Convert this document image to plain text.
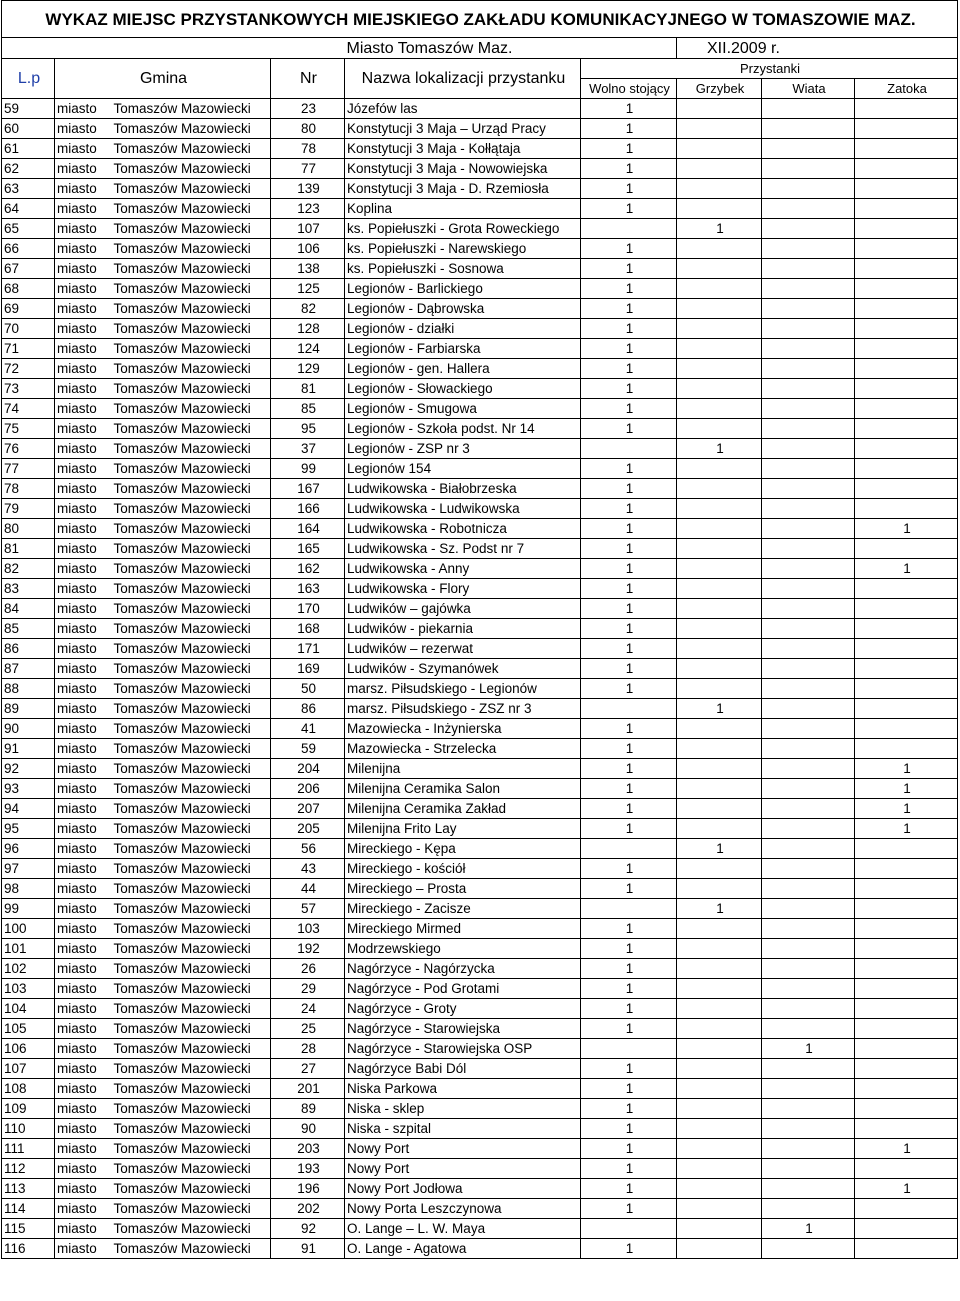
WYKAZ MIEJSC PRZYSTANKOWYCH MIEJSKIEGO ZAKŁADU KOMUNIKACYJNEGO W TOMASZOWIE MAZ.								
				Miasto Tomaszów Maz.		XII.2009 r.		
L.p	Gmina		Nr	Nazwa lokalizacji przystanku	Przystanki			
					Wolno stojący	Grzybek	Wiata	Zatoka
59	miasto	Tomaszów Mazowiecki	23	Józefów las	1			
60	miasto	Tomaszów Mazowiecki	80	Konstytucji 3 Maja – Urząd Pracy	1			
61	miasto	Tomaszów Mazowiecki	78	Konstytucji 3 Maja - Kołłątaja	1			
62	miasto	Tomaszów Mazowiecki	77	Konstytucji 3 Maja - Nowowiejska	1			
63	miasto	Tomaszów Mazowiecki	139	Konstytucji 3 Maja - D. Rzemiosła	1			
64	miasto	Tomaszów Mazowiecki	123	Koplina	1			
65	miasto	Tomaszów Mazowiecki	107	ks. Popiełuszki - Grota Roweckiego		1		
66	miasto	Tomaszów Mazowiecki	106	ks. Popiełuszki - Narewskiego	1			
67	miasto	Tomaszów Mazowiecki	138	ks. Popiełuszki - Sosnowa	1			
68	miasto	Tomaszów Mazowiecki	125	Legionów - Barlickiego	1			
69	miasto	Tomaszów Mazowiecki	82	Legionów - Dąbrowska	1			
70	miasto	Tomaszów Mazowiecki	128	Legionów - działki	1			
71	miasto	Tomaszów Mazowiecki	124	Legionów - Farbiarska	1			
72	miasto	Tomaszów Mazowiecki	129	Legionów - gen. Hallera	1			
73	miasto	Tomaszów Mazowiecki	81	Legionów - Słowackiego	1			
74	miasto	Tomaszów Mazowiecki	85	Legionów - Smugowa	1			
75	miasto	Tomaszów Mazowiecki	95	Legionów - Szkoła podst. Nr 14	1			
76	miasto	Tomaszów Mazowiecki	37	Legionów - ZSP nr 3		1		
77	miasto	Tomaszów Mazowiecki	99	Legionów 154	1			
78	miasto	Tomaszów Mazowiecki	167	Ludwikowska - Białobrzeska	1			
79	miasto	Tomaszów Mazowiecki	166	Ludwikowska - Ludwikowska	1			
80	miasto	Tomaszów Mazowiecki	164	Ludwikowska - Robotnicza	1			1
81	miasto	Tomaszów Mazowiecki	165	Ludwikowska - Sz. Podst nr 7	1			
82	miasto	Tomaszów Mazowiecki	162	Ludwikowska - Anny	1			1
83	miasto	Tomaszów Mazowiecki	163	Ludwikowska - Flory	1			
84	miasto	Tomaszów Mazowiecki	170	Ludwików – gajówka	1			
85	miasto	Tomaszów Mazowiecki	168	Ludwików - piekarnia	1			
86	miasto	Tomaszów Mazowiecki	171	Ludwików – rezerwat	1			
87	miasto	Tomaszów Mazowiecki	169	Ludwików - Szymanówek	1			
88	miasto	Tomaszów Mazowiecki	50	marsz. Piłsudskiego - Legionów	1			
89	miasto	Tomaszów Mazowiecki	86	marsz. Piłsudskiego - ZSZ nr 3		1		
90	miasto	Tomaszów Mazowiecki	41	Mazowiecka - Inżynierska	1			
91	miasto	Tomaszów Mazowiecki	59	Mazowiecka - Strzelecka	1			
92	miasto	Tomaszów Mazowiecki	204	Milenijna	1			1
93	miasto	Tomaszów Mazowiecki	206	Milenijna Ceramika Salon	1			1
94	miasto	Tomaszów Mazowiecki	207	Milenijna Ceramika Zakład	1			1
95	miasto	Tomaszów Mazowiecki	205	Milenijna Frito Lay	1			1
96	miasto	Tomaszów Mazowiecki	56	Mireckiego - Kępa		1		
97	miasto	Tomaszów Mazowiecki	43	Mireckiego - kościół	1			
98	miasto	Tomaszów Mazowiecki	44	Mireckiego – Prosta	1			
99	miasto	Tomaszów Mazowiecki	57	Mireckiego - Zacisze		1		
100	miasto	Tomaszów Mazowiecki	103	Mireckiego Mirmed	1			
101	miasto	Tomaszów Mazowiecki	192	Modrzewskiego	1			
102	miasto	Tomaszów Mazowiecki	26	Nagórzyce - Nagórzycka	1			
103	miasto	Tomaszów Mazowiecki	29	Nagórzyce - Pod Grotami	1			
104	miasto	Tomaszów Mazowiecki	24	Nagórzyce - Groty	1			
105	miasto	Tomaszów Mazowiecki	25	Nagórzyce - Starowiejska	1			
106	miasto	Tomaszów Mazowiecki	28	Nagórzyce - Starowiejska OSP			1	
107	miasto	Tomaszów Mazowiecki	27	Nagórzyce Babi Dól	1			
108	miasto	Tomaszów Mazowiecki	201	Niska Parkowa	1			
109	miasto	Tomaszów Mazowiecki	89	Niska - sklep	1			
110	miasto	Tomaszów Mazowiecki	90	Niska - szpital	1			
111	miasto	Tomaszów Mazowiecki	203	Nowy Port	1			1
112	miasto	Tomaszów Mazowiecki	193	Nowy Port	1			
113	miasto	Tomaszów Mazowiecki	196	Nowy Port Jodłowa	1			1
114	miasto	Tomaszów Mazowiecki	202	Nowy Porta Leszczynowa	1			
115	miasto	Tomaszów Mazowiecki	92	O. Lange – L. W. Maya			1	
116	miasto	Tomaszów Mazowiecki	91	O. Lange - Agatowa	1			
